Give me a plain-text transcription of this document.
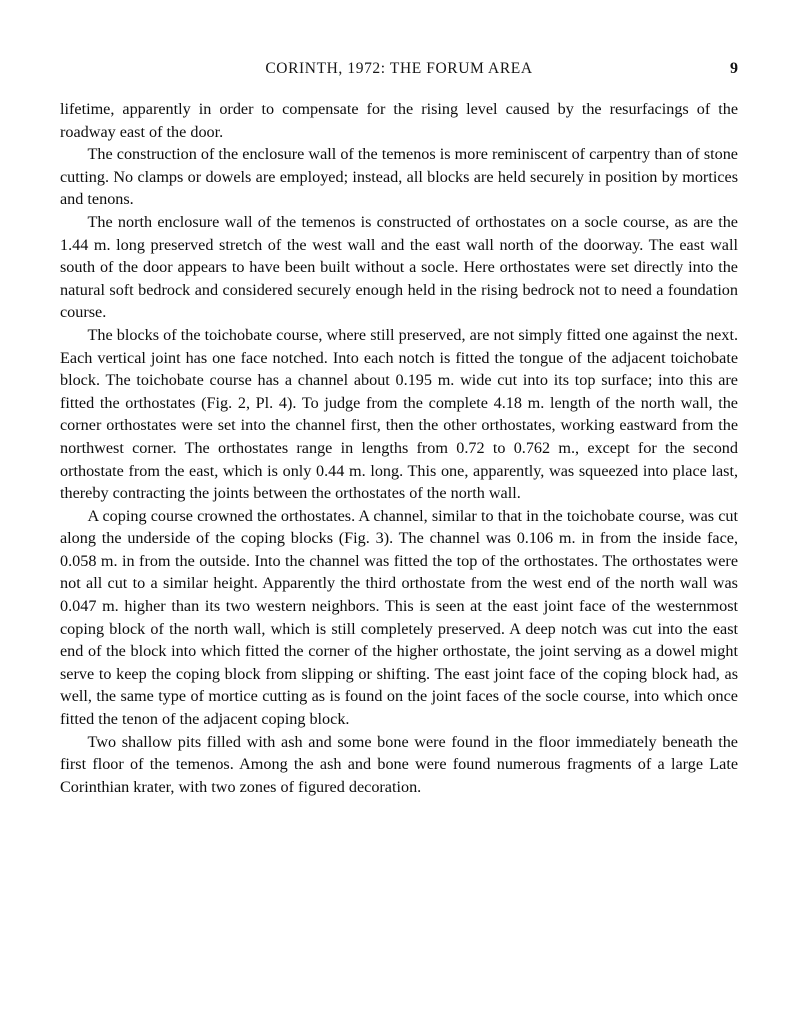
CORINTH, 1972: THE FORUM AREA	9

lifetime, apparently in order to compensate for the rising level caused by the resurfacings of the roadway east of the door.

The construction of the enclosure wall of the temenos is more reminiscent of carpentry than of stone cutting. No clamps or dowels are employed; instead, all blocks are held securely in position by mortices and tenons.

The north enclosure wall of the temenos is constructed of orthostates on a socle course, as are the 1.44 m. long preserved stretch of the west wall and the east wall north of the doorway. The east wall south of the door appears to have been built without a socle. Here orthostates were set directly into the natural soft bedrock and considered securely enough held in the rising bedrock not to need a foundation course.

The blocks of the toichobate course, where still preserved, are not simply fitted one against the next. Each vertical joint has one face notched. Into each notch is fitted the tongue of the adjacent toichobate block. The toichobate course has a channel about 0.195 m. wide cut into its top surface; into this are fitted the orthostates (Fig. 2, Pl. 4). To judge from the complete 4.18 m. length of the north wall, the corner orthostates were set into the channel first, then the other orthostates, working eastward from the northwest corner. The orthostates range in lengths from 0.72 to 0.762 m., except for the second orthostate from the east, which is only 0.44 m. long. This one, apparently, was squeezed into place last, thereby contracting the joints between the orthostates of the north wall.

A coping course crowned the orthostates. A channel, similar to that in the toichobate course, was cut along the underside of the coping blocks (Fig. 3). The channel was 0.106 m. in from the inside face, 0.058 m. in from the outside. Into the channel was fitted the top of the orthostates. The orthostates were not all cut to a similar height. Apparently the third orthostate from the west end of the north wall was 0.047 m. higher than its two western neighbors. This is seen at the east joint face of the westernmost coping block of the north wall, which is still completely preserved. A deep notch was cut into the east end of the block into which fitted the corner of the higher orthostate, the joint serving as a dowel might serve to keep the coping block from slipping or shifting. The east joint face of the coping block had, as well, the same type of mortice cutting as is found on the joint faces of the socle course, into which once fitted the tenon of the adjacent coping block.

Two shallow pits filled with ash and some bone were found in the floor immediately beneath the first floor of the temenos. Among the ash and bone were found numerous fragments of a large Late Corinthian krater, with two zones of figured decoration.
